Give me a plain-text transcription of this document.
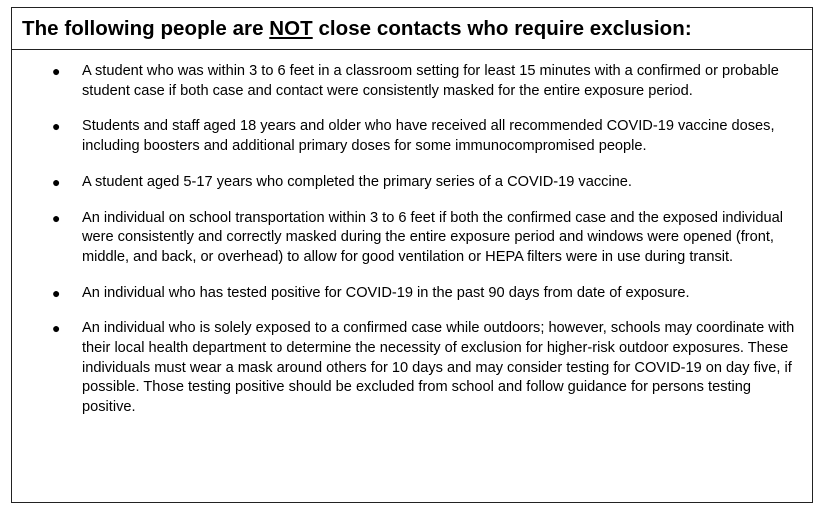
The following people are NOT close contacts who require exclusion:
● A student who was within 3 to 6 feet in a classroom setting for least 15 minutes with a confirmed or probable student case if both case and contact were consistently masked for the entire exposure period.
● Students and staff aged 18 years and older who have received all recommended COVID-19 vaccine doses, including boosters and additional primary doses for some immunocompromised people.
● A student aged 5-17 years who completed the primary series of a COVID-19 vaccine.
● An individual on school transportation within 3 to 6 feet if both the confirmed case and the exposed individual were consistently and correctly masked during the entire exposure period and windows were opened (front, middle, and back, or overhead) to allow for good ventilation or HEPA filters were in use during transit.
● An individual who has tested positive for COVID-19 in the past 90 days from date of exposure.
● An individual who is solely exposed to a confirmed case while outdoors; however, schools may coordinate with their local health department to determine the necessity of exclusion for higher-risk outdoor exposures. These individuals must wear a mask around others for 10 days and may consider testing for COVID-19 on day five, if possible. Those testing positive should be excluded from school and follow guidance for persons testing positive.
